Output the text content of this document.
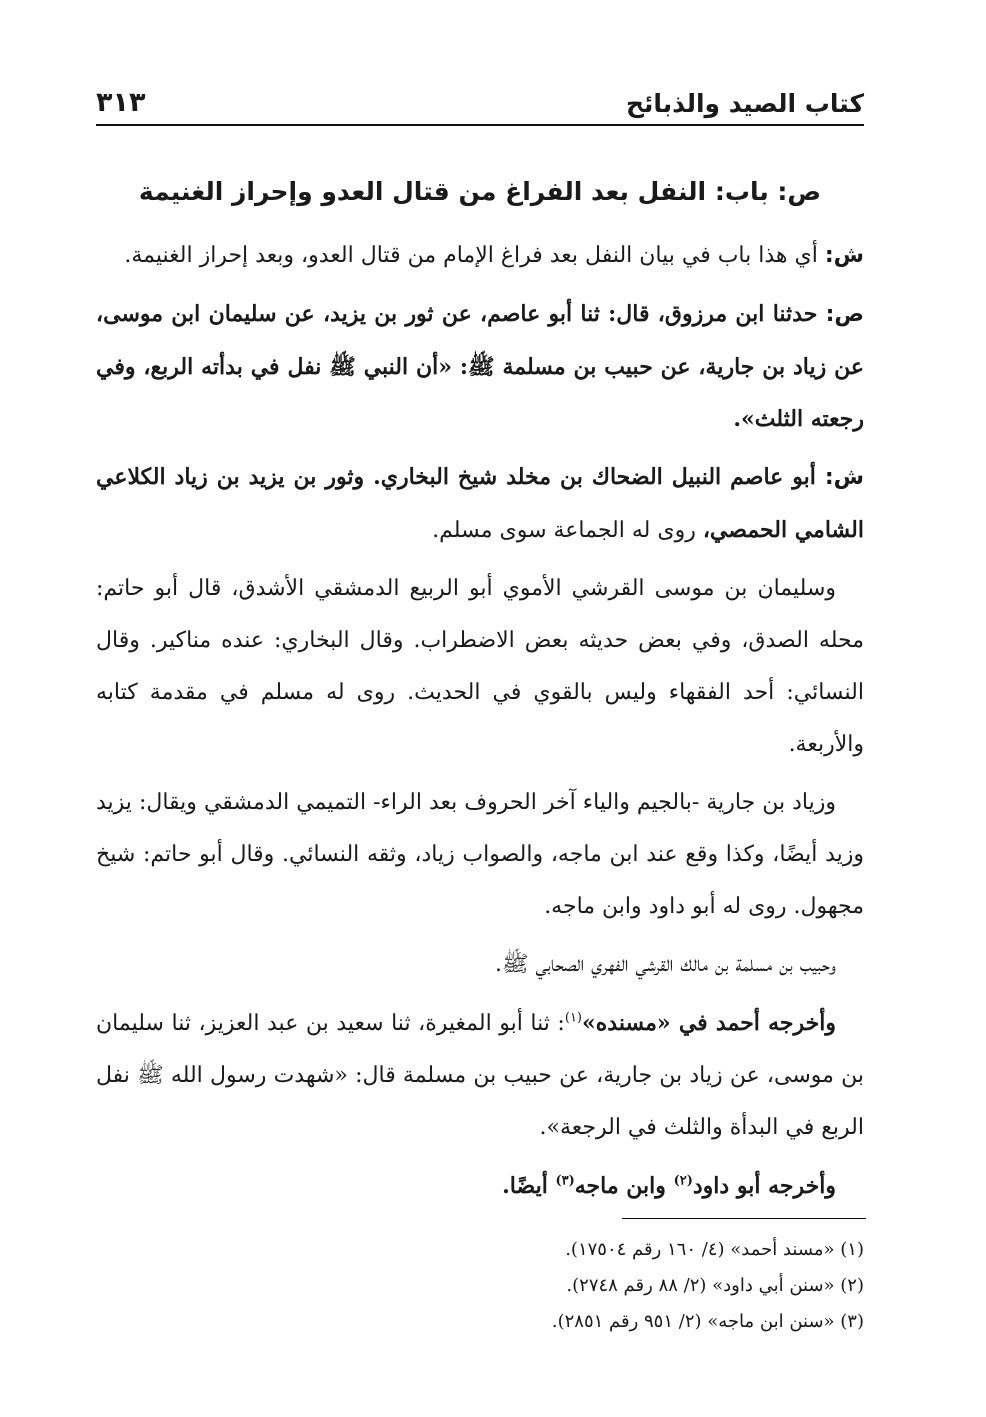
كتاب الصيد والذبائح
٣١٣
ص: باب: النفل بعد الفراغ من قتال العدو وإحراز الغنيمة

ش: أي هذا باب في بيان النفل بعد فراغ الإمام من قتال العدو، وبعد إحراز الغنيمة.

ص: حدثنا ابن مرزوق، قال: ثنا أبو عاصم، عن ثور بن يزيد، عن سليمان ابن موسى، عن زياد بن جارية، عن حبيب بن مسلمة ﷺ: «أن النبي ﷺ نفل في بدأته الربع، وفي رجعته الثلث».

ش: أبو عاصم النبيل الضحاك بن مخلد شيخ البخاري. وثور بن يزيد بن زياد الكلاعي الشامي الحمصي، روى له الجماعة سوى مسلم.

وسليمان بن موسى القرشي الأموي أبو الربيع الدمشقي الأشدق، قال أبو حاتم: محله الصدق، وفي بعض حديثه بعض الاضطراب. وقال البخاري: عنده مناكير. وقال النسائي: أحد الفقهاء وليس بالقوي في الحديث. روى له مسلم في مقدمة كتابه والأربعة.

وزياد بن جارية -بالجيم والياء آخر الحروف بعد الراء- التميمي الدمشقي ويقال: يزيد وزيد أيضًا، وكذا وقع عند ابن ماجه، والصواب زياد، وثقه النسائي. وقال أبو حاتم: شيخ مجهول. روى له أبو داود وابن ماجه.

وحبيب بن مسلمة بن مالك القرشي الفهري الصحابي ﷺ.

وأخرجه أحمد في «مسنده»$^{(١)}$: ثنا أبو المغيرة، ثنا سعيد بن عبد العزيز، ثنا سليمان بن موسى، عن زياد بن جارية، عن حبيب بن مسلمة قال: «شهدت رسول الله ﷺ نفل الربع في البدأة والثلث في الرجعة».

وأخرجه أبو داود$^{(٢)}$ وابن ماجه$^{(٣)}$ أيضًا.

(١) «مسند أحمد» (٤/ ١٦٠ رقم ١٧٥٠٤).
(٢) «سنن أبي داود» (٢/ ٨٨ رقم ٢٧٤٨).
(٣) «سنن ابن ماجه» (٢/ ٩٥١ رقم ٢٨٥١).
